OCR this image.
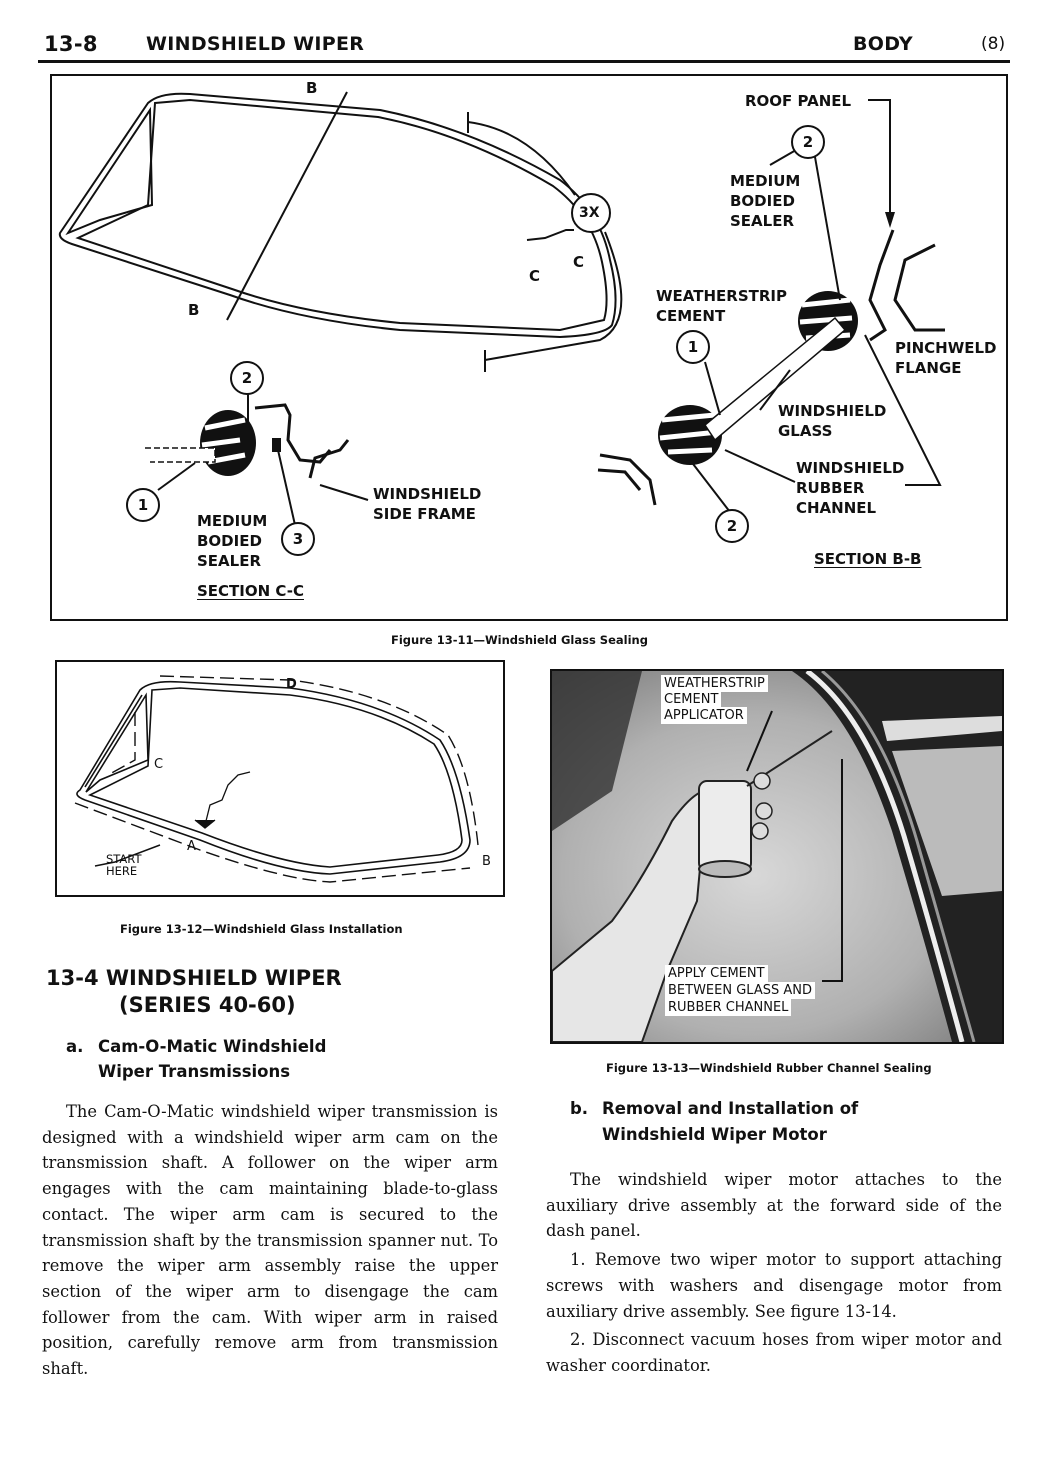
13-8	WINDSHIELD WIPER	BODY	(8)
B
B
C
C
3X
2
1
3
MEDIUM
BODIED
SEALER
WINDSHIELD
SIDE FRAME
SECTION C-C
ROOF PANEL
2
MEDIUM
BODIED
SEALER
WEATHERSTRIP
CEMENT
1	PINCHWELD
FLANGE
WINDSHIELD
GLASS
WINDSHIELD
RUBBER
CHANNEL
2
SECTION B-B
Figure 13-11—Windshield Glass Sealing
D
C
A
B
START
HERE
Figure 13-12—Windshield Glass Installation
WEATHERSTRIP
CEMENT
APPLICATOR
APPLY CEMENT
BETWEEN GLASS AND
RUBBER CHANNEL
Figure 13-13—Windshield Rubber Channel Sealing
13-4 WINDSHIELD WIPER
(SERIES 40-60)
a. Cam-O-Matic Windshield
Wiper Transmissions

The Cam-O-Matic windshield wiper transmission is designed with a windshield wiper arm cam on the transmission shaft. A follower on the wiper arm engages with the cam maintaining blade-to-glass contact. The wiper arm cam is secured to the transmission shaft by the transmission spanner nut. To remove the wiper arm assembly raise the upper section of the wiper arm to disengage the cam follower from the cam. With wiper arm in raised position, carefully remove arm from transmission shaft.

b. Removal and Installation of
Windshield Wiper Motor

The windshield wiper motor attaches to the auxiliary drive assembly at the forward side of the dash panel.

1. Remove two wiper motor to support attaching screws with washers and disengage motor from auxiliary drive assembly. See figure 13-14.

2. Disconnect vacuum hoses from wiper motor and washer coordinator.
